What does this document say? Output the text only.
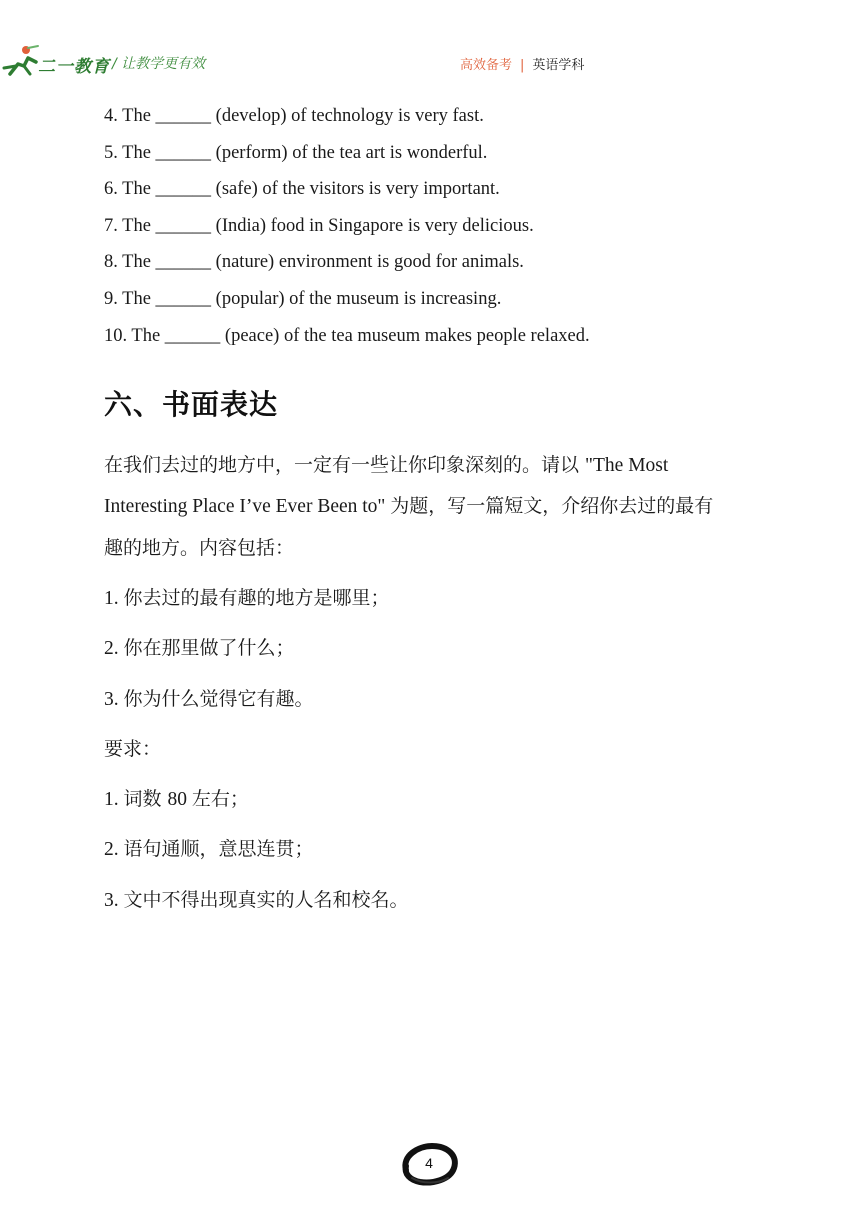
二一教育 / 让教学更有效	高效备考 | 英语学科
4. The ______ (develop) of technology is very fast.
5. The ______ (perform) of the tea art is wonderful.
6. The ______ (safe) of the visitors is very important.
7. The ______ (India) food in Singapore is very delicious.
8. The ______ (nature) environment is good for animals.
9. The ______ (popular) of the museum is increasing.
10. The ______ (peace) of the tea museum makes people relaxed.
六、书面表达
在我们去过的地方中，一定有一些让你印象深刻的。请以 "The Most
Interesting Place I’ve Ever Been to" 为题，写一篇短文，介绍你去过的最有
趣的地方。内容包括：
1. 你去过的最有趣的地方是哪里；
2. 你在那里做了什么；
3. 你为什么觉得它有趣。
要求：
1. 词数 80 左右；
2. 语句通顺，意思连贯；
3. 文中不得出现真实的人名和校名。
4
